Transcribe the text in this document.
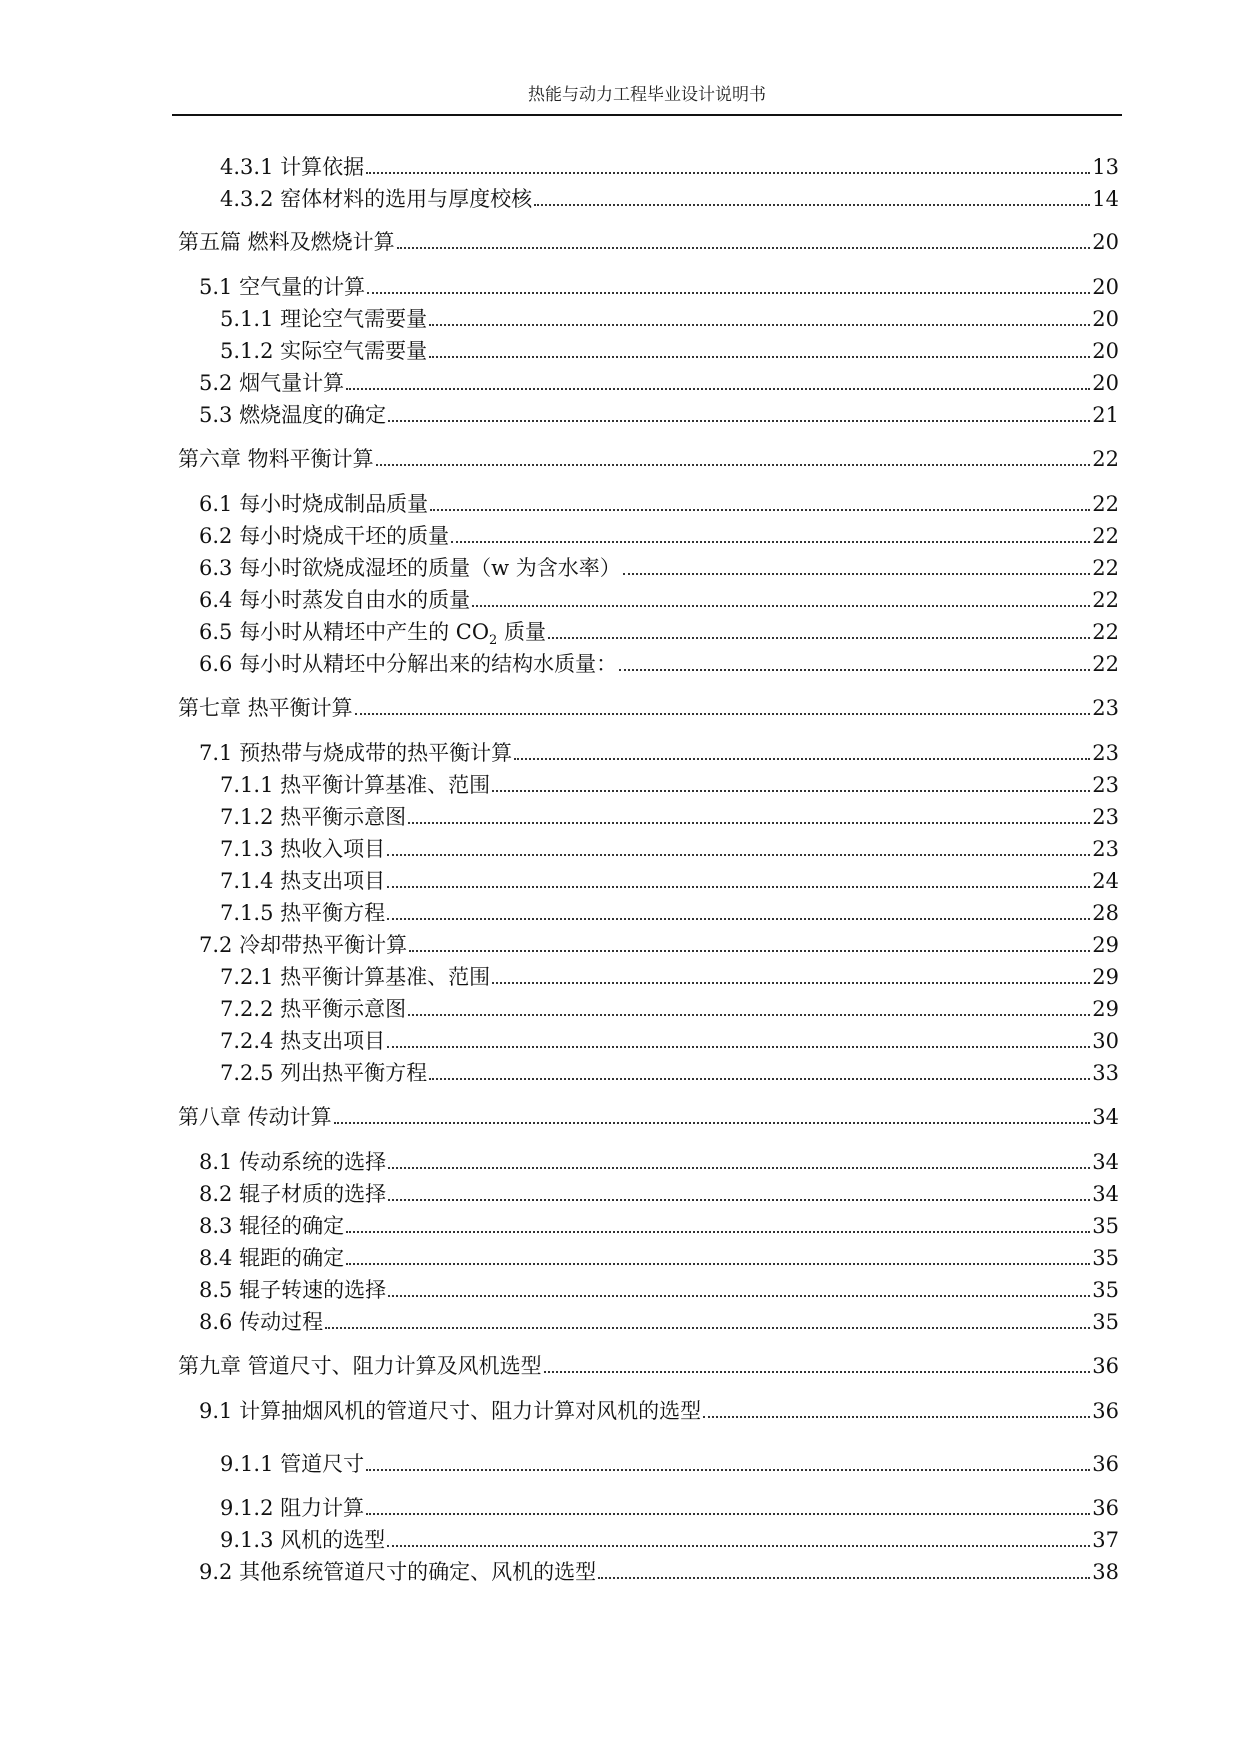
热能与动力工程毕业设计说明书
4.3.1 计算依据	13
4.3.2 窑体材料的选用与厚度校核	14
第五篇 燃料及燃烧计算	20
5.1 空气量的计算	20
5.1.1 理论空气需要量	20
5.1.2 实际空气需要量	20
5.2 烟气量计算	20
5.3 燃烧温度的确定	21
第六章 物料平衡计算	22
6.1 每小时烧成制品质量	22
6.2 每小时烧成干坯的质量	22
6.3 每小时欲烧成湿坯的质量（w 为含水率）	22
6.4 每小时蒸发自由水的质量	22
6.5 每小时从精坯中产生的 $CO_2$ 质量	22
6.6 每小时从精坯中分解出来的结构水质量：	22
第七章 热平衡计算	23
7.1 预热带与烧成带的热平衡计算	23
7.1.1 热平衡计算基准、范围	23
7.1.2 热平衡示意图	23
7.1.3 热收入项目	23
7.1.4 热支出项目	24
7.1.5 热平衡方程	28
7.2 冷却带热平衡计算	29
7.2.1 热平衡计算基准、范围	29
7.2.2 热平衡示意图	29
7.2.4 热支出项目	30
7.2.5 列出热平衡方程	33
第八章 传动计算	34
8.1 传动系统的选择	34
8.2 辊子材质的选择	34
8.3 辊径的确定	35
8.4 辊距的确定	35
8.5 辊子转速的选择	35
8.6 传动过程	35
第九章 管道尺寸、阻力计算及风机选型	36
9.1 计算抽烟风机的管道尺寸、阻力计算对风机的选型	36
9.1.1 管道尺寸	36
9.1.2 阻力计算	36
9.1.3 风机的选型	37
9.2 其他系统管道尺寸的确定、风机的选型	38
